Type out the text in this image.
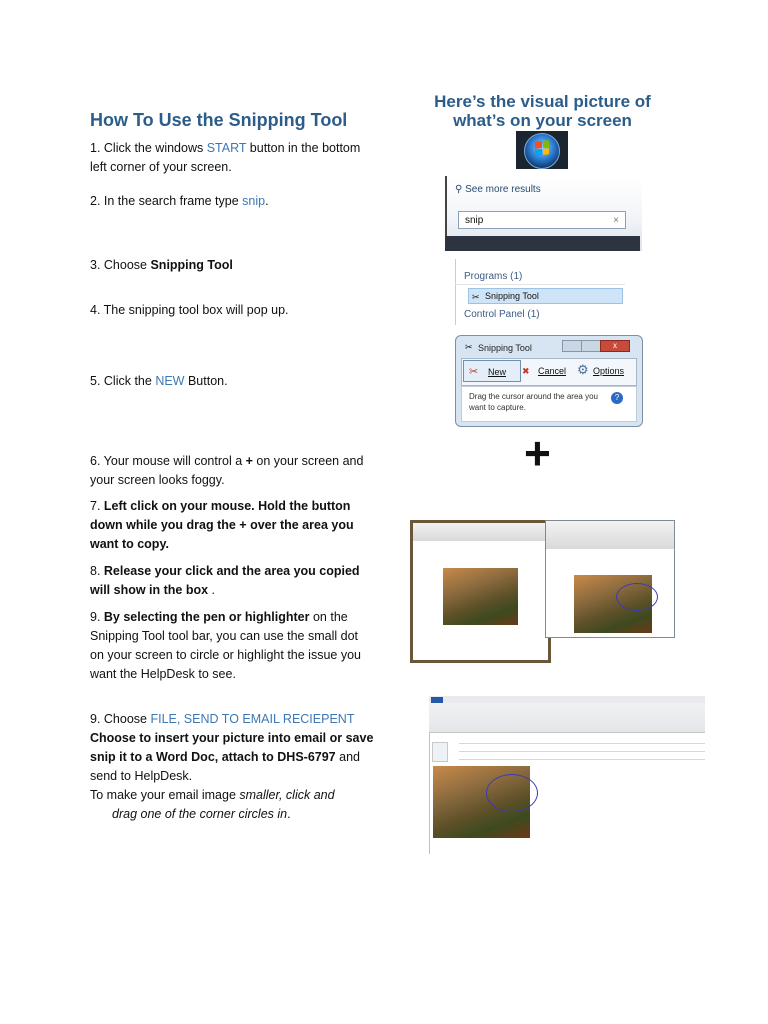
How To Use the Snipping Tool
1. Click the windows START button in the bottom left corner of your screen.
2. In the search frame type snip.
3. Choose Snipping Tool
4. The snipping tool box will pop up.
5. Click the NEW Button.
6. Your mouse will control a + on your screen and your screen looks foggy.
7. Left click on your mouse. Hold the button down while you drag the + over the area you want to copy.
8. Release your click and the area you copied will show in the box .
9. By selecting the pen or highlighter on the Snipping Tool tool bar, you can use the small dot on your screen to circle or highlight the issue you want the HelpDesk to see.
9. Choose FILE, SEND TO EMAIL RECIEPENT
Choose to insert your picture into email or save snip it to a Word Doc, attach to DHS-6797 and send to HelpDesk.
To make your email image smaller, click and
drag one of the corner circles in.
Here’s the visual picture of
what’s on your screen
⚲ See more results
snip	×
Programs (1)
✂ Snipping Tool
Control Panel (1)
✂ Snipping Tool	x
✂ New	✖ Cancel ⚙ Options
Drag the cursor around the area you want to capture.
?
+
